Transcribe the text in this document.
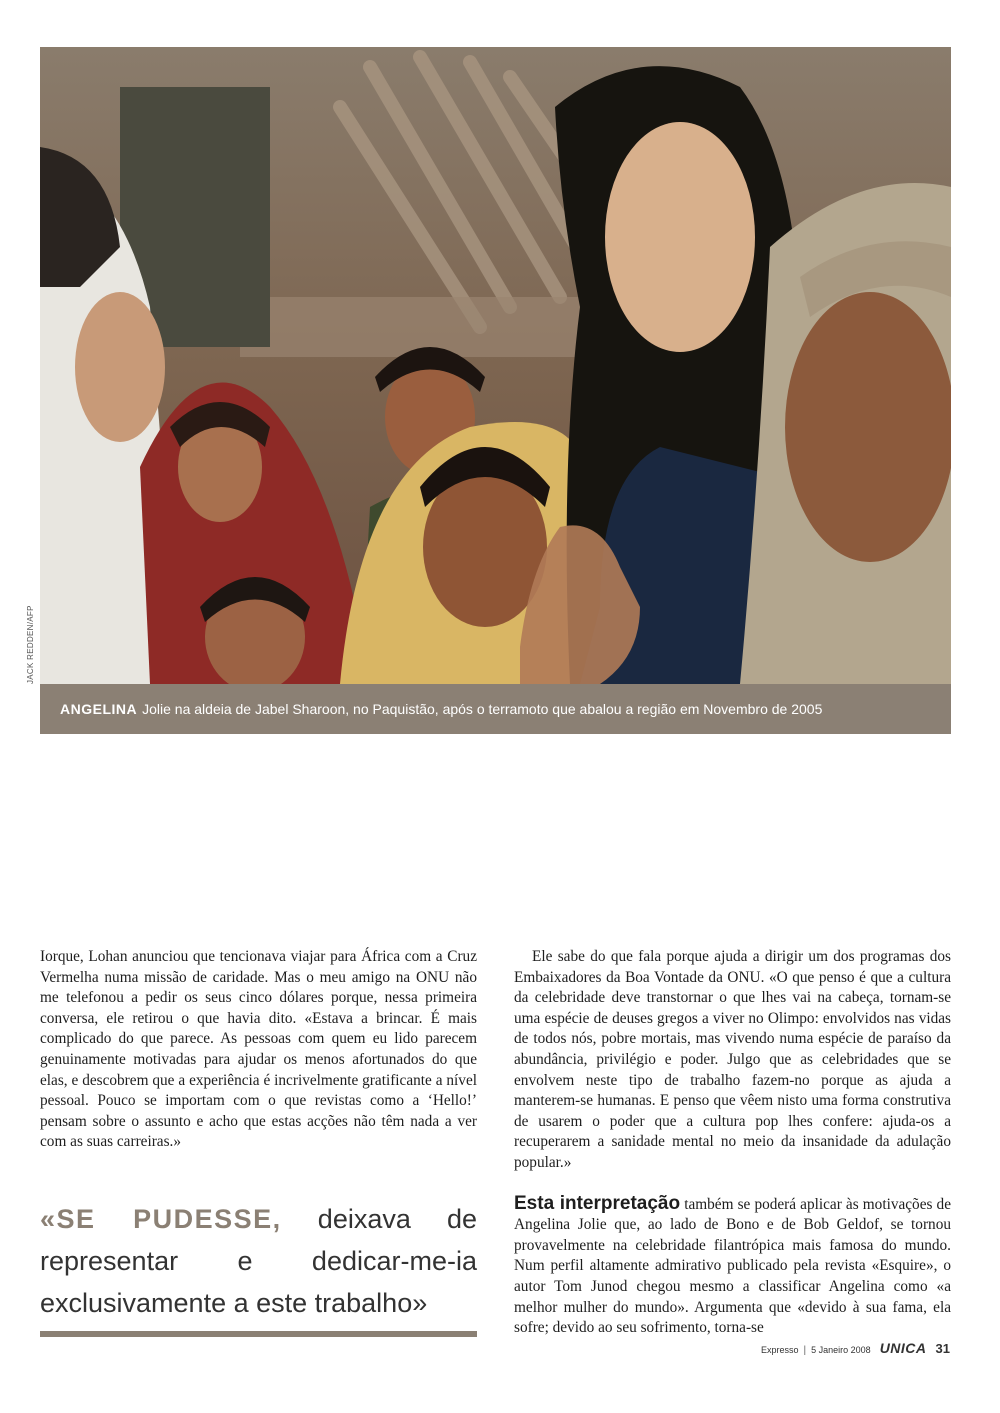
JACK REDDEN/AFP
ANGELINA Jolie na aldeia de Jabel Sharoon, no Paquistão, após o terramoto que abalou a região em Novembro de 2005

Iorque, Lohan anunciou que tencionava viajar para África com a Cruz Vermelha numa missão de caridade. Mas o meu amigo na ONU não me telefonou a pedir os seus cinco dólares porque, nessa primeira conversa, ele retirou o que havia dito. «Estava a brincar. É mais complicado do que parece. As pessoas com quem eu lido parecem genuinamente motivadas para ajudar os menos afortunados do que elas, e descobrem que a experiência é incrivelmente gratificante a nível pessoal. Pouco se importam com o que revistas como a ‘Hello!’ pensam sobre o assunto e acho que estas acções não têm nada a ver com as suas carreiras.»

«SE PUDESSE, deixava de representar e dedicar-me-ia exclusivamente a este trabalho»

Ele sabe do que fala porque ajuda a dirigir um dos programas dos Embaixadores da Boa Vontade da ONU. «O que penso é que a cultura da celebridade deve transtornar o que lhes vai na cabeça, tornam-se uma espécie de deuses gregos a viver no Olimpo: envolvidos nas vidas de todos nós, pobre mortais, mas vivendo numa espécie de paraíso da abundância, privilégio e poder. Julgo que as celebridades que se envolvem neste tipo de trabalho fazem-no porque as ajuda a manterem-se humanas. E penso que vêem nisto uma forma construtiva de usarem o poder que a cultura pop lhes confere: ajuda-os a recuperarem a sanidade mental no meio da insanidade da adulação popular.»

Esta interpretação também se poderá aplicar às motivações de Angelina Jolie que, ao lado de Bono e de Bob Geldof, se tornou provavelmente na celebridade filantrópica mais famosa do mundo. Num perfil altamente admirativo publicado pela revista «Esquire», o autor Tom Junod chegou mesmo a classificar Angelina como «a melhor mulher do mundo». Argumenta que «devido à sua fama, ela sofre; devido ao seu sofrimento, torna-se

Expresso | 5 Janeiro 2008 UNICA 31
